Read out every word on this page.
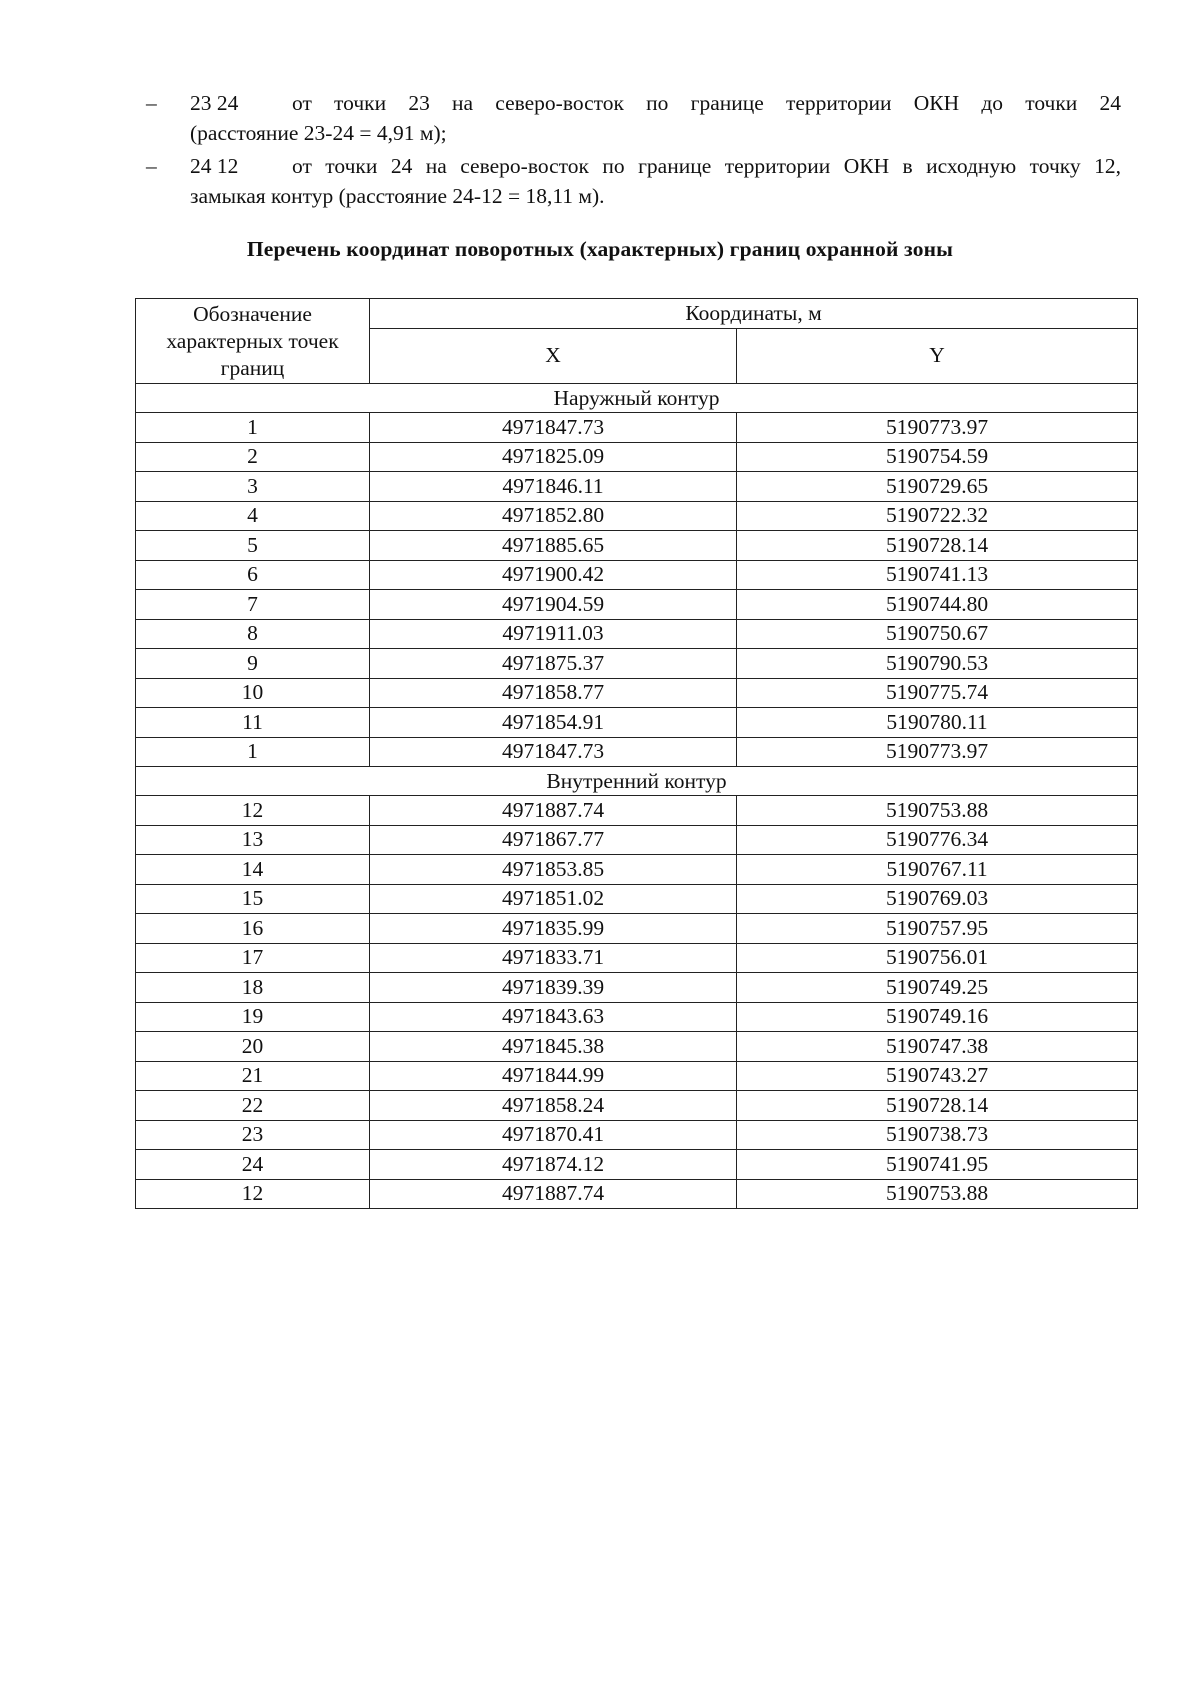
– 23 24	от точки 23 на северо-восток по границе территории ОКН до точки 24
(расстояние 23-24 = 4,91 м);
– 24 12	от точки 24 на северо-восток по границе территории ОКН в исходную точку 12,
замыкая контур (расстояние 24-12 = 18,11 м).
Перечень координат поворотных (характерных) границ охранной зоны
Обозначение
характерных точек
границ	Координаты, м	
	X	Y
Наружный контур		
1	4971847.73	5190773.97
2	4971825.09	5190754.59
3	4971846.11	5190729.65
4	4971852.80	5190722.32
5	4971885.65	5190728.14
6	4971900.42	5190741.13
7	4971904.59	5190744.80
8	4971911.03	5190750.67
9	4971875.37	5190790.53
10	4971858.77	5190775.74
11	4971854.91	5190780.11
1	4971847.73	5190773.97
Внутренний контур		
12	4971887.74	5190753.88
13	4971867.77	5190776.34
14	4971853.85	5190767.11
15	4971851.02	5190769.03
16	4971835.99	5190757.95
17	4971833.71	5190756.01
18	4971839.39	5190749.25
19	4971843.63	5190749.16
20	4971845.38	5190747.38
21	4971844.99	5190743.27
22	4971858.24	5190728.14
23	4971870.41	5190738.73
24	4971874.12	5190741.95
12	4971887.74	5190753.88
